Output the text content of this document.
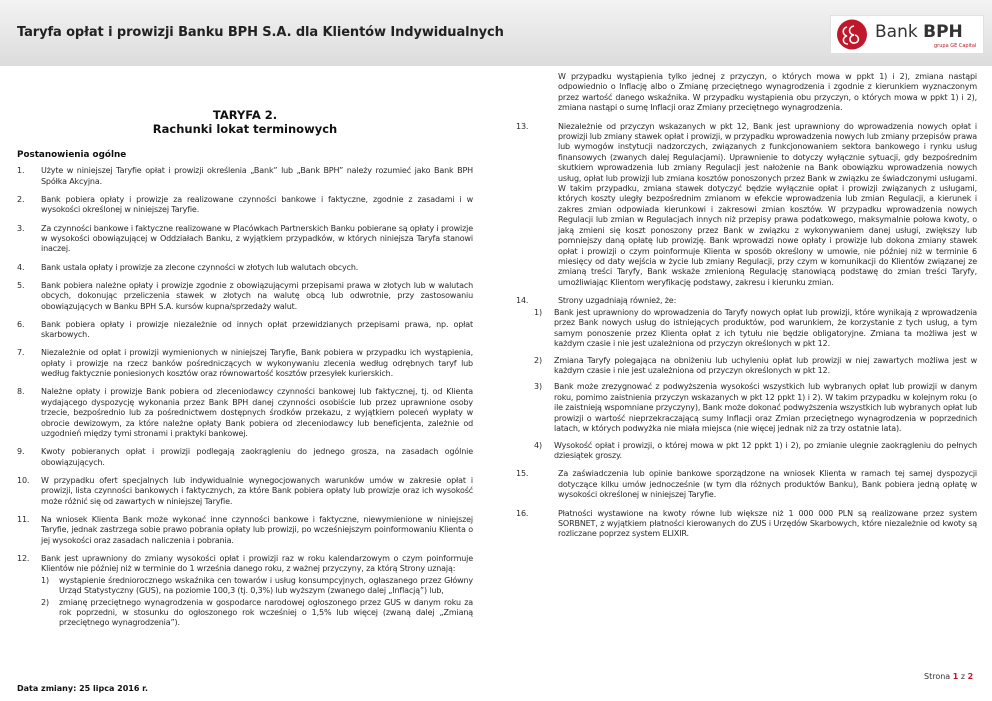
Taryfa opłat i prowizji Banku BPH S.A. dla Klientów Indywidualnych	Bank BPH
grupa GE Capital
TARYFA 2.
Rachunki lokat terminowych
Postanowienia ogólne
1. Użyte w niniejszej Taryfie opłat i prowizji określenia „Bank” lub „Bank BPH” należy rozumieć jako Bank BPH Spółka Akcyjna.
2. Bank pobiera opłaty i prowizje za realizowane czynności bankowe i faktyczne, zgodnie z zasadami i w wysokości określonej w niniejszej Taryfie.
3. Za czynności bankowe i faktyczne realizowane w Placówkach Partnerskich Banku pobierane są opłaty i prowizje w wysokości obowiązującej w Oddziałach Banku, z wyjątkiem przypadków, w których niniejsza Taryfa stanowi inaczej.
4. Bank ustala opłaty i prowizje za zlecone czynności w złotych lub walutach obcych.
5. Bank pobiera należne opłaty i prowizje zgodnie z obowiązującymi przepisami prawa w złotych lub w walutach obcych, dokonując przeliczenia stawek w złotych na walutę obcą lub odwrotnie, przy zastosowaniu obowiązujących w Banku BPH S.A. kursów kupna/sprzedaży walut.
6. Bank pobiera opłaty i prowizje niezależnie od innych opłat przewidzianych przepisami prawa, np. opłat skarbowych.
7. Niezależnie od opłat i prowizji wymienionych w niniejszej Taryfie, Bank pobiera w przypadku ich wystąpienia, opłaty i prowizje na rzecz banków pośredniczących w wykonywaniu zlecenia według odrębnych taryf lub według faktycznie poniesionych kosztów oraz równowartość kosztów przesyłek kurierskich.
8. Należne opłaty i prowizje Bank pobiera od zleceniodawcy czynności bankowej lub faktycznej, tj. od Klienta wydającego dyspozycję wykonania przez Bank BPH danej czynności osobiście lub przez uprawnione osoby trzecie, bezpośrednio lub za pośrednictwem dostępnych środków przekazu, z wyjątkiem poleceń wypłaty w obrocie dewizowym, za które należne opłaty Bank pobiera od zleceniodawcy lub beneficjenta, zależnie od uzgodnień między tymi stronami i praktyki bankowej.
9. Kwoty pobieranych opłat i prowizji podlegają zaokrągleniu do jednego grosza, na zasadach ogólnie obowiązujących.
10. W przypadku ofert specjalnych lub indywidualnie wynegocjowanych warunków umów w zakresie opłat i prowizji, lista czynności bankowych i faktycznych, za które Bank pobiera opłaty lub prowizje oraz ich wysokość może różnić się od zawartych w niniejszej Taryfie.
11. Na wniosek Klienta Bank może wykonać inne czynności bankowe i faktyczne, niewymienione w niniejszej Taryfie, jednak zastrzega sobie prawo pobrania opłaty lub prowizji, po wcześniejszym poinformowaniu Klienta o jej wysokości oraz zasadach naliczenia i pobrania.
12. Bank jest uprawniony do zmiany wysokości opłat i prowizji raz w roku kalendarzowym o czym poinformuje Klientów nie później niż w terminie do 1 września danego roku, z ważnej przyczyny, za którą Strony uznają:
1) wystąpienie średniorocznego wskaźnika cen towarów i usług konsumpcyjnych, ogłaszanego przez Główny Urząd Statystyczny (GUS), na poziomie 100,3 (tj. 0,3%) lub wyższym (zwanego dalej „Inflacją”) lub,
2) zmianę przeciętnego wynagrodzenia w gospodarce narodowej ogłoszonego przez GUS w danym roku za rok poprzedni, w stosunku do ogłoszonego rok wcześniej o 1,5% lub więcej (zwaną dalej „Zmianą przeciętnego wynagrodzenia”).
W przypadku wystąpienia tylko jednej z przyczyn, o których mowa w ppkt 1) i 2), zmiana nastąpi odpowiednio o Inflację albo o Zmianę przeciętnego wynagrodzenia i zgodnie z kierunkiem wyznaczonym przez wartość danego wskaźnika. W przypadku wystąpienia obu przyczyn, o których mowa w ppkt 1) i 2), zmiana nastąpi o sumę Inflacji oraz Zmiany przeciętnego wynagrodzenia.
13.	Niezależnie od przyczyn wskazanych w pkt 12, Bank jest uprawniony do wprowadzenia nowych opłat i prowizji lub zmiany stawek opłat i prowizji, w przypadku wprowadzenia nowych lub zmiany przepisów prawa lub wymogów instytucji nadzorczych, związanych z funkcjonowaniem sektora bankowego i rynku usług finansowych (zwanych dalej Regulacjami). Uprawnienie to dotyczy wyłącznie sytuacji, gdy bezpośrednim skutkiem wprowadzenia lub zmiany Regulacji jest nałożenie na Bank obowiązku wprowadzenia nowych usług, opłat lub prowizji lub zmiana kosztów ponoszonych przez Bank w związku ze świadczonymi usługami. W takim przypadku, zmiana stawek dotyczyć będzie wyłącznie opłat i prowizji związanych z usługami, których koszty uległy bezpośrednim zmianom w efekcie wprowadzenia lub zmian Regulacji, a kierunek i zakres zmian odpowiada kierunkowi i zakresowi zmian kosztów. W przypadku wprowadzenia nowych Regulacji lub zmian w Regulacjach innych niż przepisy prawa podatkowego, maksymalnie połowa kwoty, o jaką zmieni się koszt ponoszony przez Bank w związku z wykonywaniem danej usługi, zwiększy lub pomniejszy daną opłatę lub prowizję. Bank wprowadzi nowe opłaty i prowizje lub dokona zmiany stawek opłat i prowizji o czym poinformuje Klienta w sposób określony w umowie, nie później niż w terminie 6 miesięcy od daty wejścia w życie lub zmiany Regulacji, przy czym w komunikacji do Klientów związanej ze zmianą treści Taryfy, Bank wskaże zmienioną Regulację stanowiącą podstawę do zmian treści Taryfy, umożliwiając Klientom weryfikację podstawy, zakresu i kierunku zmian.
14.	Strony uzgadniają również, że:
1) Bank jest uprawniony do wprowadzenia do Taryfy nowych opłat lub prowizji, które wynikają z wprowadzenia przez Bank nowych usług do istniejących produktów, pod warunkiem, że korzystanie z tych usług, a tym samym ponoszenie przez Klienta opłat z ich tytułu nie będzie obligatoryjne. Zmiana ta możliwa jest w każdym czasie i nie jest uzależniona od przyczyn określonych w pkt 12.
2) Zmiana Taryfy polegająca na obniżeniu lub uchyleniu opłat lub prowizji w niej zawartych możliwa jest w każdym czasie i nie jest uzależniona od przyczyn określonych w pkt 12.
3) Bank może zrezygnować z podwyższenia wysokości wszystkich lub wybranych opłat lub prowizji w danym roku, pomimo zaistnienia przyczyn wskazanych w pkt 12 ppkt 1) i 2). W takim przypadku w kolejnym roku (o ile zaistnieją wspomniane przyczyny), Bank może dokonać podwyższenia wszystkich lub wybranych opłat lub prowizji o wartość nieprzekraczającą sumy Inflacji oraz Zmian przeciętnego wynagrodzenia w poprzednich latach, w których podwyżka nie miała miejsca (nie więcej jednak niż za trzy ostatnie lata).
4) Wysokość opłat i prowizji, o której mowa w pkt 12 ppkt 1) i 2), po zmianie ulegnie zaokrągleniu do pełnych dziesiątek groszy.
15.	Za zaświadczenia lub opinie bankowe sporządzone na wniosek Klienta w ramach tej samej dyspozycji dotyczące kilku umów jednocześnie (w tym dla różnych produktów Banku), Bank pobiera jedną opłatę w wysokości określonej w niniejszej Taryfie.
16.	Płatności wystawione na kwoty równe lub większe niż 1 000 000 PLN są realizowane przez system SORBNET, z wyjątkiem płatności kierowanych do ZUS i Urzędów Skarbowych, które niezależnie od kwoty są rozliczane poprzez system ELIXIR.
Data zmiany: 25 lipca 2016 r.
Strona 1 z 2
